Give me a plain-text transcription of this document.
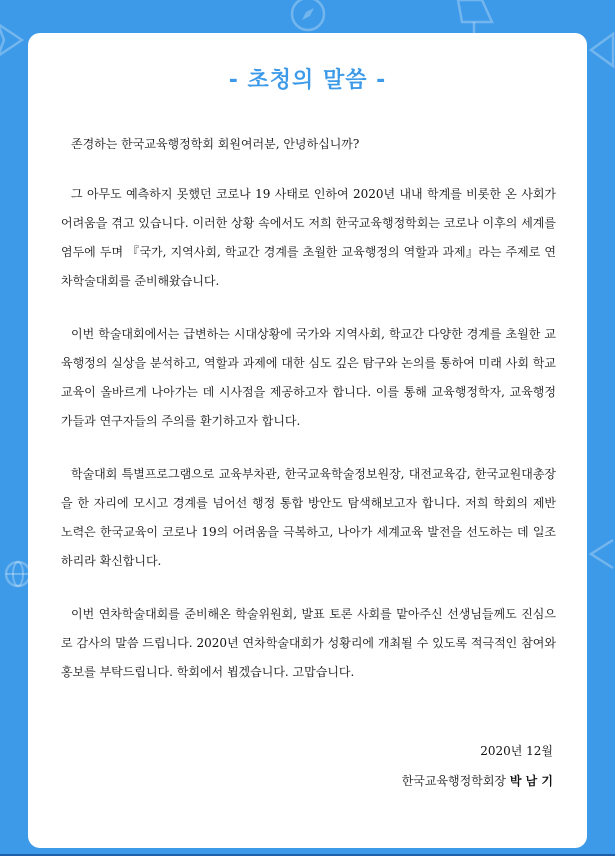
- 초청의 말씀 -

존경하는 한국교육행정학회 회원여러분, 안녕하십니까?

그 아무도 예측하지 못했던 코로나 19 사태로 인하여 2020년 내내 학계를 비롯한 온 사회가 어려움을 겪고 있습니다. 이러한 상황 속에서도 저희 한국교육행정학회는 코로나 이후의 세계를 염두에 두며 『국가, 지역사회, 학교간 경계를 초월한 교육행정의 역할과 과제』라는 주제로 연차학술대회를 준비해왔습니다.

이번 학술대회에서는 급변하는 시대상황에 국가와 지역사회, 학교간 다양한 경계를 초월한 교육행정의 실상을 분석하고, 역할과 과제에 대한 심도 깊은 탐구와 논의를 통하여 미래 사회 학교교육이 올바르게 나아가는 데 시사점을 제공하고자 합니다. 이를 통해 교육행정학자, 교육행정가들과 연구자들의 주의를 환기하고자 합니다.

학술대회 특별프로그램으로 교육부차관, 한국교육학술정보원장, 대전교육감, 한국교원대총장을 한 자리에 모시고 경계를 넘어선 행정 통합 방안도 탐색해보고자 합니다. 저희 학회의 제반 노력은 한국교육이 코로나 19의 어려움을 극복하고, 나아가 세계교육 발전을 선도하는 데 일조하리라 확신합니다.

이번 연차학술대회를 준비해온 학술위원회, 발표 토론 사회를 맡아주신 선생님들께도 진심으로 감사의 말씀 드립니다. 2020년 연차학술대회가 성황리에 개최될 수 있도록 적극적인 참여와 홍보를 부탁드립니다. 학회에서 뵙겠습니다. 고맙습니다.

2020년 12월
한국교육행정학회장 박 남 기
